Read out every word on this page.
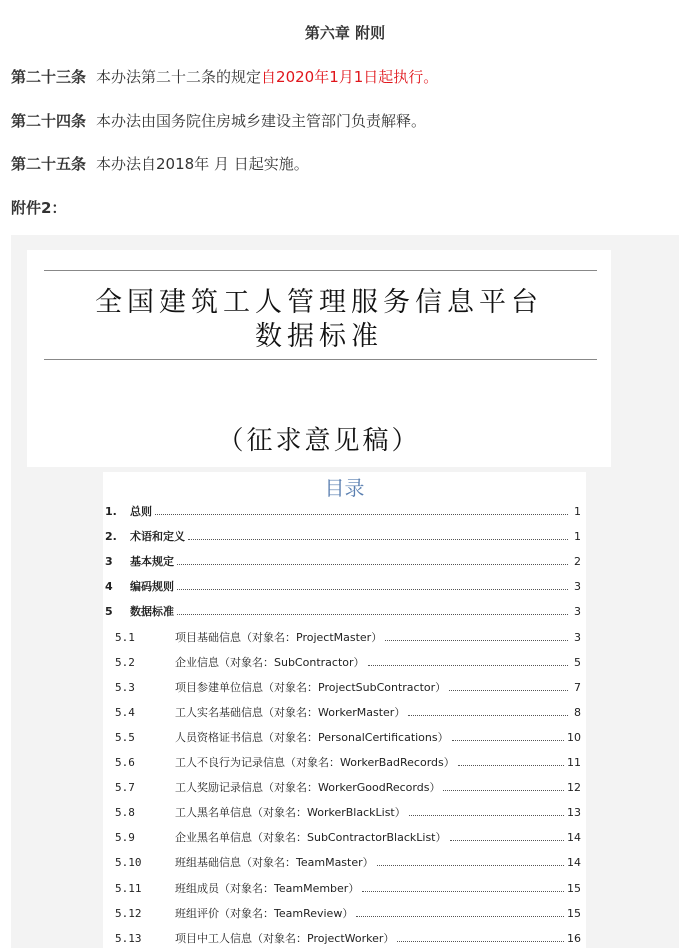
第六章 附则
第二十三条 本办法第二十二条的规定自2020年1月1日起执行。
第二十四条 本办法由国务院住房城乡建设主管部门负责解释。
第二十五条 本办法自2018年 月 日起实施。
附件2：
全国建筑工人管理服务信息平台
数据标准
（征求意见稿）
目录
1.	总则	1
2.	术语和定义	1
3	基本规定	2
4	编码规则	3
5	数据标准	3
5.1	项目基础信息（对象名：ProjectMaster）	3
5.2	企业信息（对象名：SubContractor）	5
5.3	项目参建单位信息（对象名：ProjectSubContractor）	7
5.4	工人实名基础信息（对象名：WorkerMaster）	8
5.5	人员资格证书信息（对象名：PersonalCertifications）	10
5.6	工人不良行为记录信息（对象名：WorkerBadRecords）	11
5.7	工人奖励记录信息（对象名：WorkerGoodRecords）	12
5.8	工人黑名单信息（对象名：WorkerBlackList）	13
5.9	企业黑名单信息（对象名：SubContractorBlackList）	14
5.10	班组基础信息（对象名：TeamMaster）	14
5.11	班组成员（对象名：TeamMember）	15
5.12	班组评价（对象名：TeamReview）	15
5.13	项目中工人信息（对象名：ProjectWorker）	16
